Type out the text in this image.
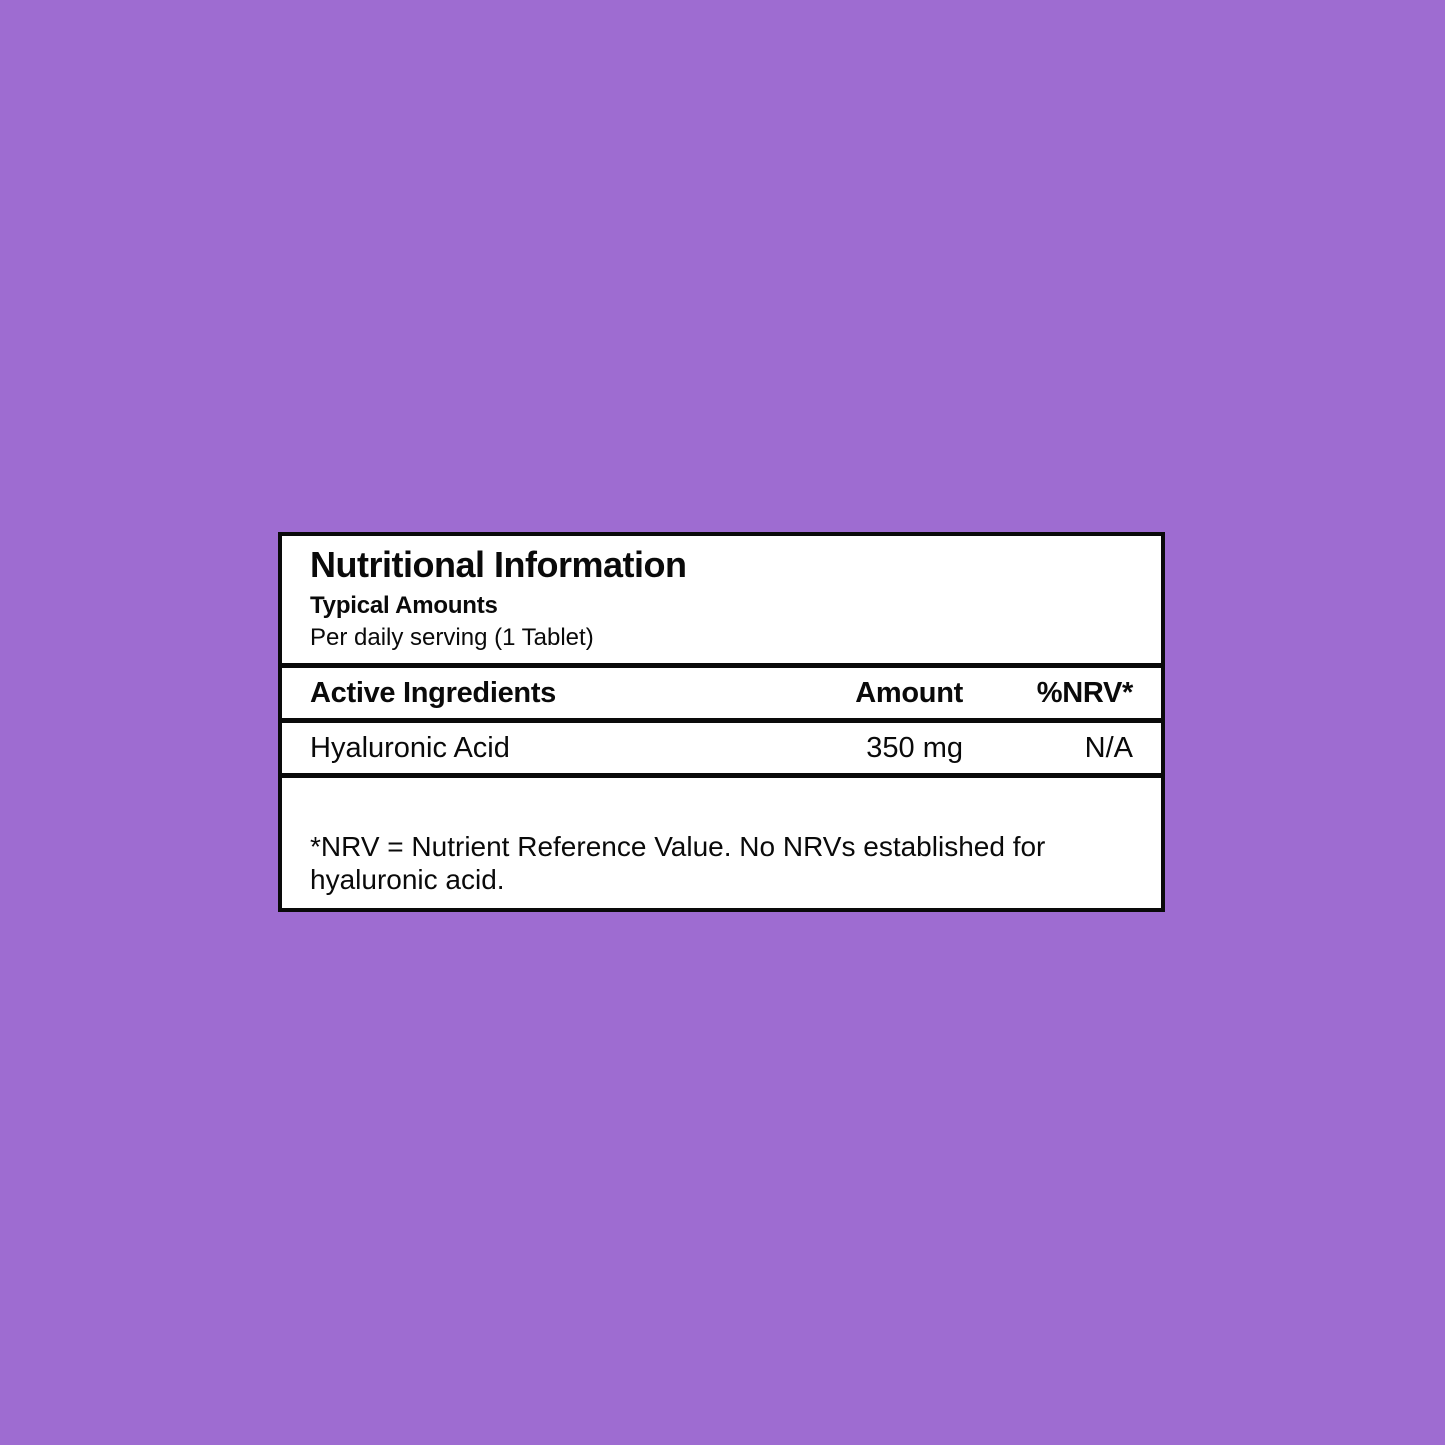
Nutritional Information
Typical Amounts
Per daily serving (1 Tablet)
Active Ingredients	Amount	%NRV*
Hyaluronic Acid	350 mg	N/A
*NRV = Nutrient Reference Value. No NRVs established for hyaluronic acid.
